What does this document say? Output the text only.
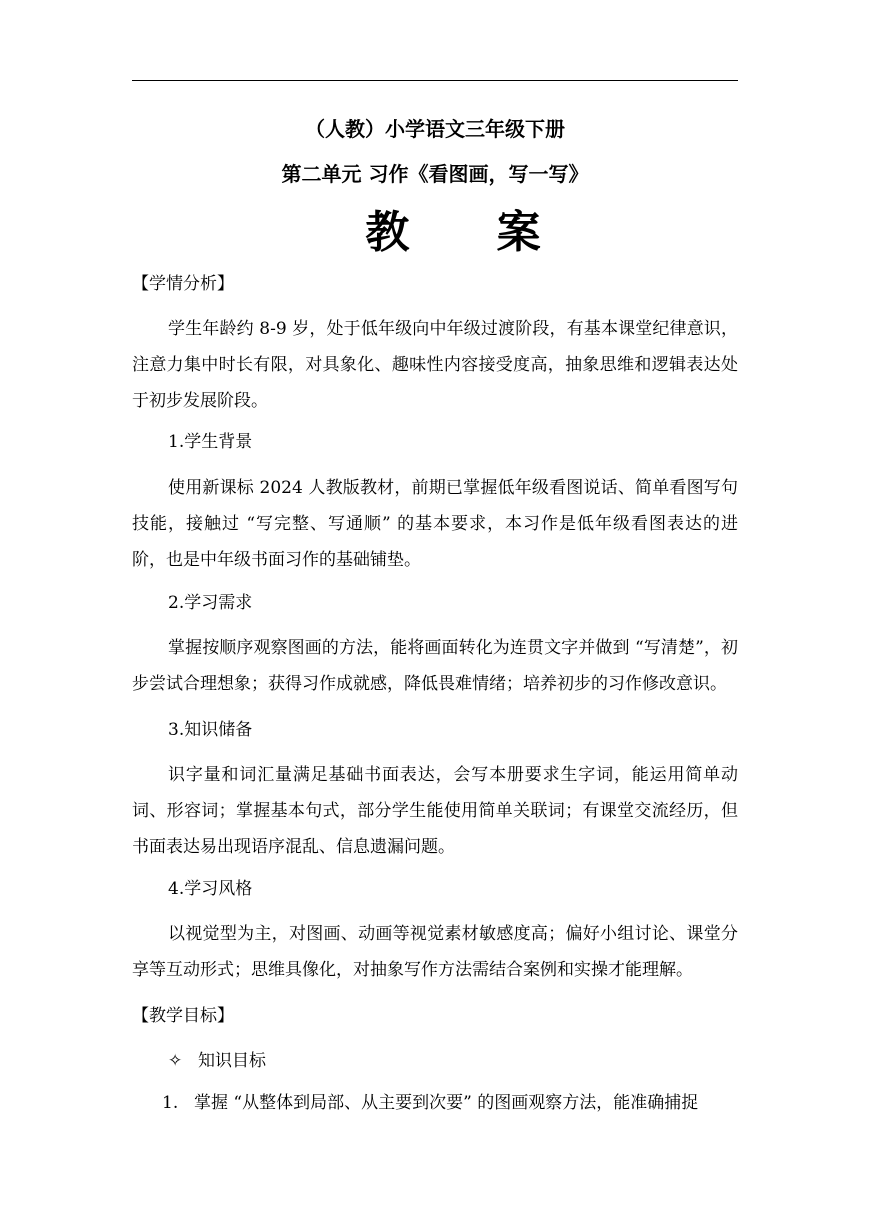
（人教）小学语文三年级下册
第二单元 习作《看图画，写一写》
教 案
【学情分析】
学生年龄约 8-9 岁，处于低年级向中年级过渡阶段，有基本课堂纪律意识，注意力集中时长有限，对具象化、趣味性内容接受度高，抽象思维和逻辑表达处于初步发展阶段。
1.学生背景
使用新课标 2024 人教版教材，前期已掌握低年级看图说话、简单看图写句技能，接触过 “写完整、写通顺” 的基本要求，本习作是低年级看图表达的进阶，也是中年级书面习作的基础铺垫。
2.学习需求
掌握按顺序观察图画的方法，能将画面转化为连贯文字并做到 “写清楚”，初步尝试合理想象；获得习作成就感，降低畏难情绪；培养初步的习作修改意识。
3.知识储备
识字量和词汇量满足基础书面表达，会写本册要求生字词，能运用简单动词、形容词；掌握基本句式，部分学生能使用简单关联词；有课堂交流经历，但书面表达易出现语序混乱、信息遗漏问题。
4.学习风格
以视觉型为主，对图画、动画等视觉素材敏感度高；偏好小组讨论、课堂分享等互动形式；思维具像化，对抽象写作方法需结合案例和实操才能理解。
【教学目标】
✧ 知识目标
1. 掌握 “从整体到局部、从主要到次要” 的图画观察方法，能准确捕捉
